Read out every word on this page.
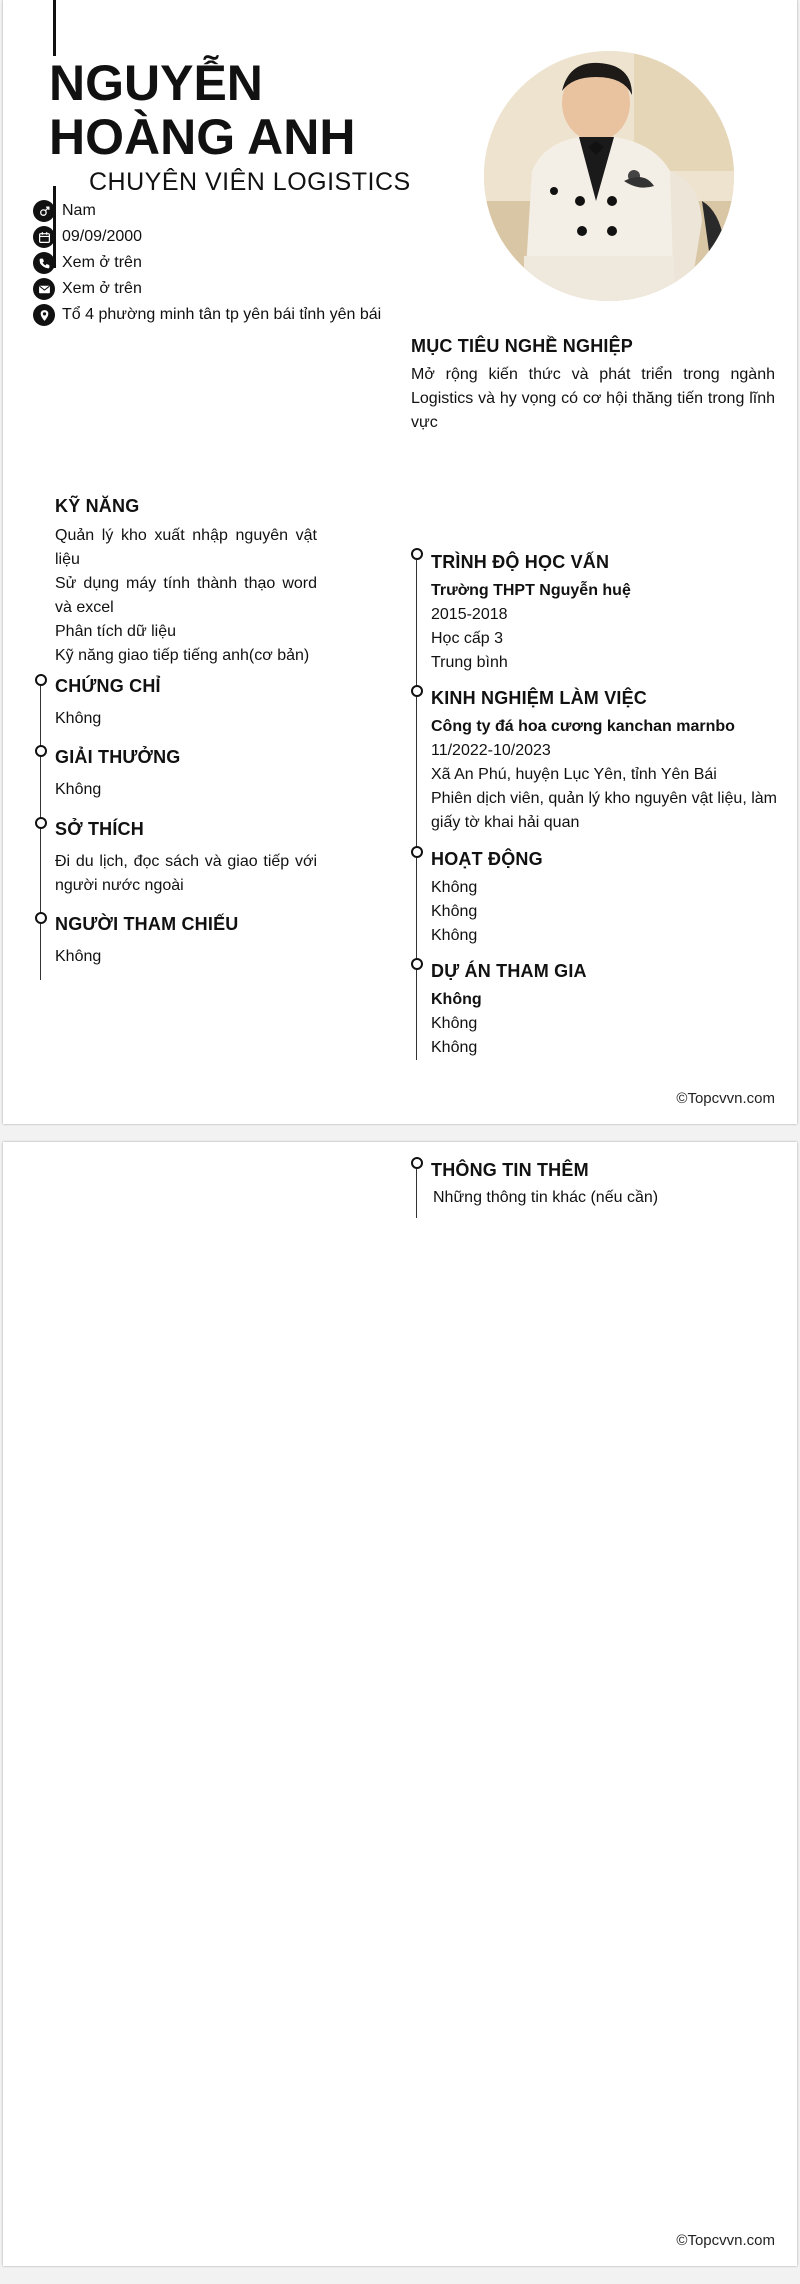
NGUYỄN
HOÀNG ANH
CHUYÊN VIÊN LOGISTICS
Nam
09/09/2000
Xem ở trên
Xem ở trên
Tổ 4 phường minh tân tp yên bái tỉnh yên bái
MỤC TIÊU NGHỀ NGHIỆP
Mở rộng kiến thức và phát triển trong ngành Logistics và hy vọng có cơ hội thăng tiến trong lĩnh vực
KỸ NĂNG
Quản lý kho xuất nhập nguyên vật liệu
Sử dụng máy tính thành thạo word và excel
Phân tích dữ liệu
Kỹ năng giao tiếp tiếng anh(cơ bản)
CHỨNG CHỈ
Không
GIẢI THƯỞNG
Không
SỞ THÍCH
Đi du lịch, đọc sách và giao tiếp với người nước ngoài
NGƯỜI THAM CHIẾU
Không
TRÌNH ĐỘ HỌC VẤN
Trường THPT Nguyễn huệ
2015-2018
Học cấp 3
Trung bình
KINH NGHIỆM LÀM VIỆC
Công ty đá hoa cương kanchan marnbo
11/2022-10/2023
Xã An Phú, huyện Lục Yên, tỉnh Yên Bái
Phiên dịch viên, quản lý kho nguyên vật liệu, làm giấy tờ khai hải quan
HOẠT ĐỘNG
Không
Không
Không
DỰ ÁN THAM GIA
Không
Không
Không
©Topcvvn.com
THÔNG TIN THÊM
Những thông tin khác (nếu cần)
©Topcvvn.com
